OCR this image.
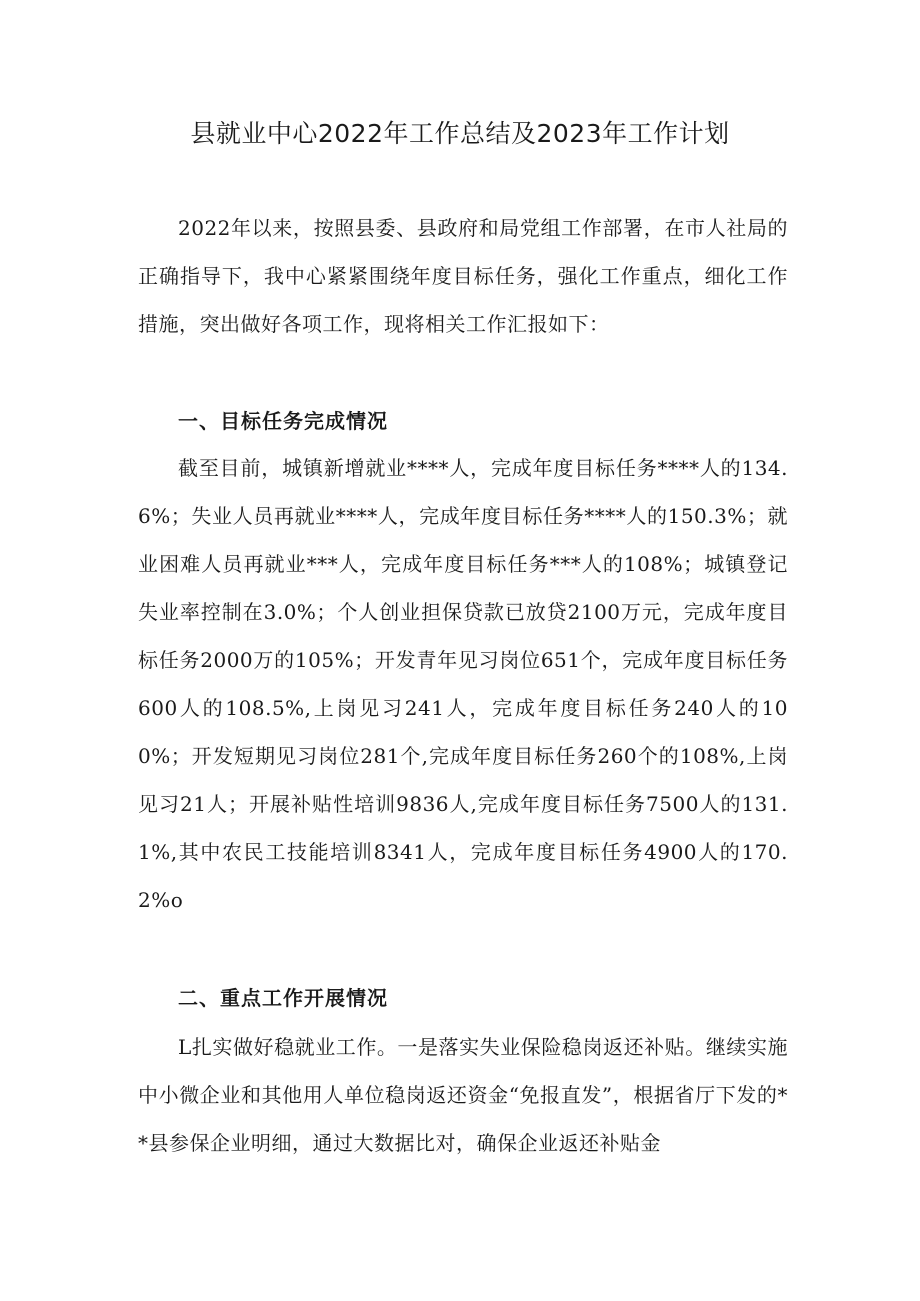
县就业中心2022年工作总结及2023年工作计划

2022年以来，按照县委、县政府和局党组工作部署，在市人社局的正确指导下，我中心紧紧围绕年度目标任务，强化工作重点，细化工作措施，突出做好各项工作，现将相关工作汇报如下：

一、目标任务完成情况

截至目前，城镇新增就业****人，完成年度目标任务****人的134.6%；失业人员再就业****人，完成年度目标任务****人的150.3%；就业困难人员再就业***人，完成年度目标任务***人的108%；城镇登记失业率控制在3.0%；个人创业担保贷款已放贷2100万元，完成年度目标任务2000万的105%；开发青年见习岗位651个，完成年度目标任务600人的108.5%,上岗见习241人，完成年度目标任务240人的100%；开发短期见习岗位281个,完成年度目标任务260个的108%,上岗见习21人；开展补贴性培训9836人,完成年度目标任务7500人的131.1%,其中农民工技能培训8341人，完成年度目标任务4900人的170.2%o

二、重点工作开展情况

L扎实做好稳就业工作。一是落实失业保险稳岗返还补贴。继续实施中小微企业和其他用人单位稳岗返还资金“免报直发”，根据省厅下发的**县参保企业明细，通过大数据比对，确保企业返还补贴金
